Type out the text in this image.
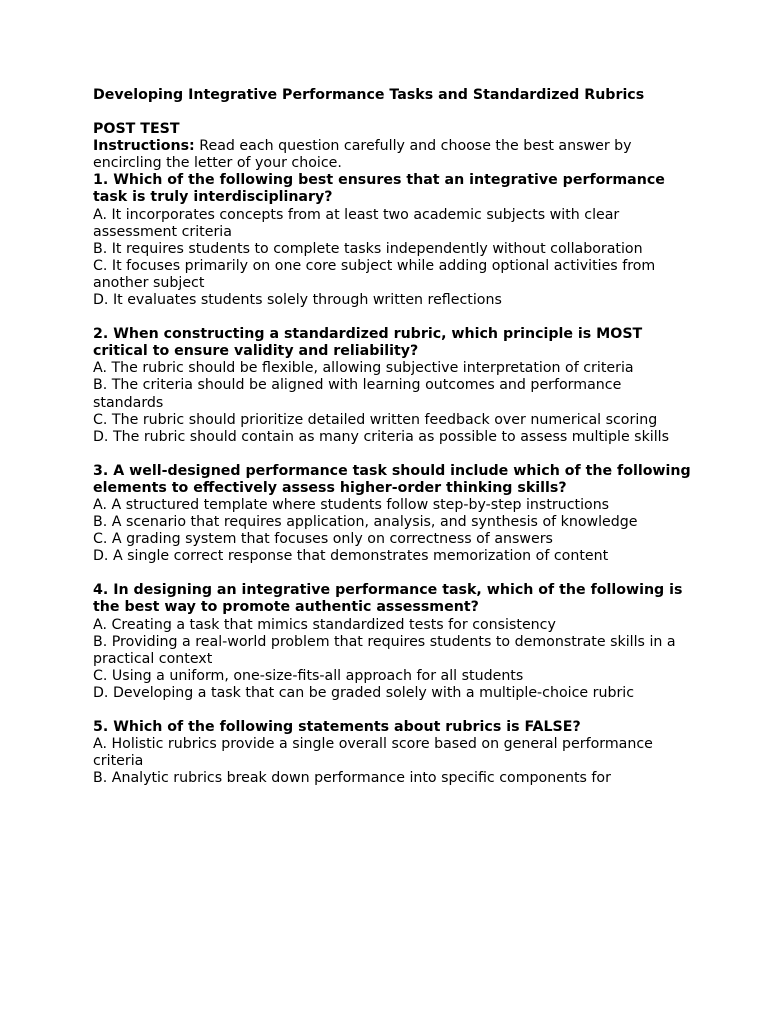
Developing Integrative Performance Tasks and Standardized Rubrics

POST TEST

Instructions: Read each question carefully and choose the best answer by encircling the letter of your choice.

1. Which of the following best ensures that an integrative performance task is truly interdisciplinary?

A. It incorporates concepts from at least two academic subjects with clear assessment criteria

B. It requires students to complete tasks independently without collaboration

C. It focuses primarily on one core subject while adding optional activities from another subject

D. It evaluates students solely through written reflections

2. When constructing a standardized rubric, which principle is MOST critical to ensure validity and reliability?

A. The rubric should be flexible, allowing subjective interpretation of criteria

B. The criteria should be aligned with learning outcomes and performance standards

C. The rubric should prioritize detailed written feedback over numerical scoring

D. The rubric should contain as many criteria as possible to assess multiple skills

3. A well-designed performance task should include which of the following elements to effectively assess higher-order thinking skills?

A. A structured template where students follow step-by-step instructions

B. A scenario that requires application, analysis, and synthesis of knowledge

C. A grading system that focuses only on correctness of answers

D. A single correct response that demonstrates memorization of content

4. In designing an integrative performance task, which of the following is the best way to promote authentic assessment?

A. Creating a task that mimics standardized tests for consistency

B. Providing a real-world problem that requires students to demonstrate skills in a practical context

C. Using a uniform, one-size-fits-all approach for all students

D. Developing a task that can be graded solely with a multiple-choice rubric

5. Which of the following statements about rubrics is FALSE?

A. Holistic rubrics provide a single overall score based on general performance criteria

B. Analytic rubrics break down performance into specific components for
